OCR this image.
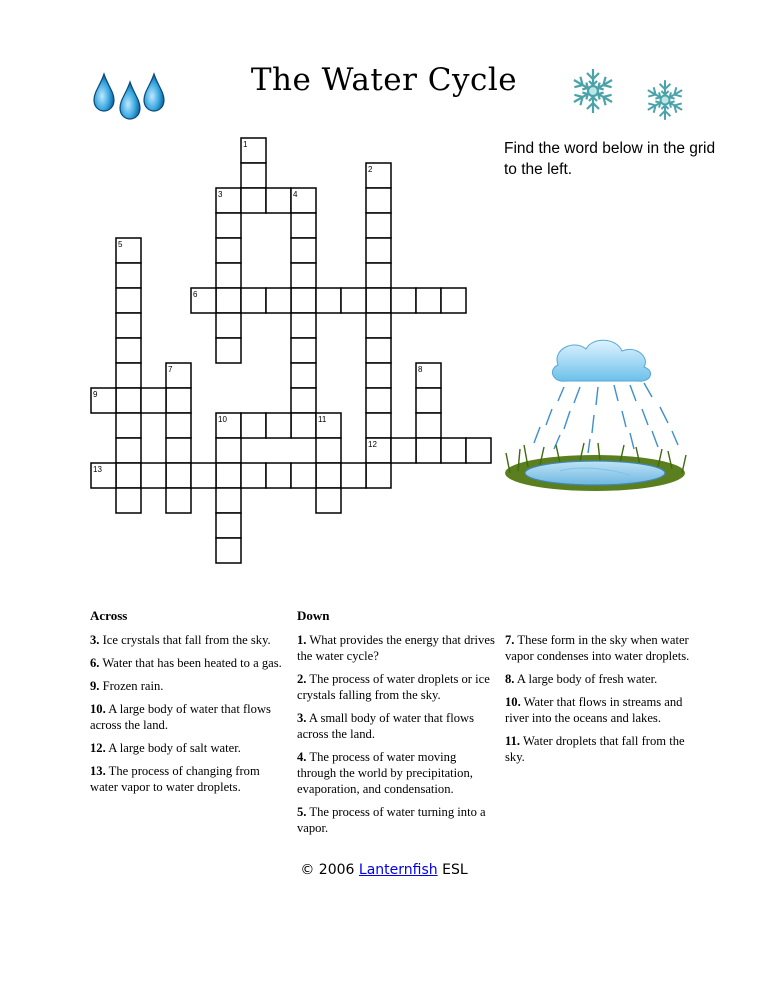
The Water Cycle
Find the word below in the grid to the left.
1
2
3	4
5
6
7	8
9
10	11
12
13
Across
3. Ice crystals that fall from the sky.
6. Water that has been heated to a gas.
9. Frozen rain.
10. A large body of water that flows across the land.
12. A large body of salt water.
13. The process of changing from water vapor to water droplets.
Down
1. What provides the energy that drives the water cycle?
2. The process of water droplets or ice crystals falling from the sky.
3. A small body of water that flows across the land.
4. The process of water moving through the world by precipitation, evaporation, and condensation.
5. The process of water turning into a vapor.
7. These form in the sky when water vapor condenses into water droplets.
8. A large body of fresh water.
10. Water that flows in streams and river into the oceans and lakes.
11. Water droplets that fall from the sky.
© 2006 Lanternfish ESL
